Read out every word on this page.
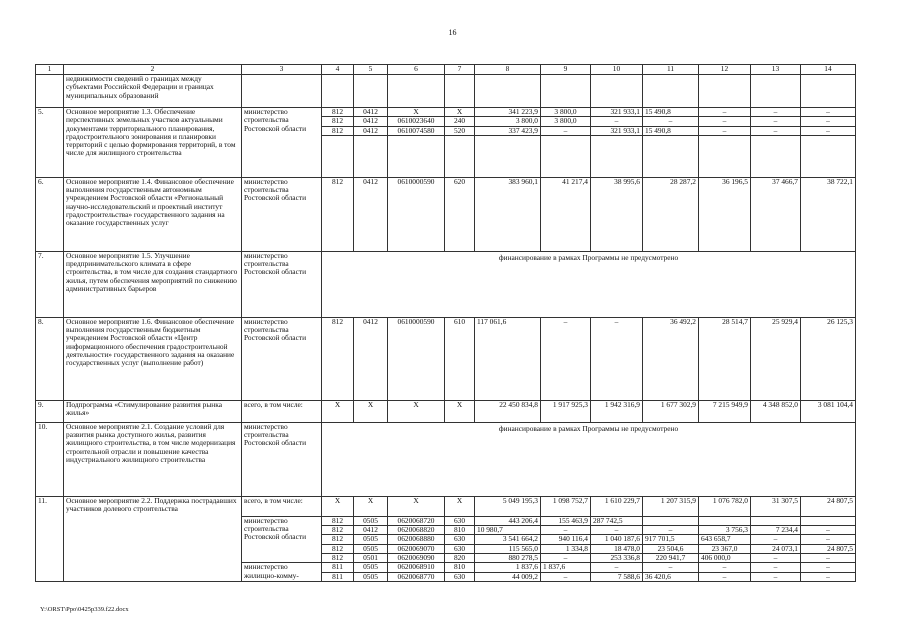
16
1	2	3	4	5	6	7	8	9	10	11	12	13	14
	недвижимости сведений о границах между субъектами Российской Федерации и границах муниципальных образований												
5.	Основное мероприятие 1.3. Обеспечение перспективных земельных участков актуальными документами территориального планирования, градостроительного зонирования и планировки территорий с целью формирования территорий, в том числе для жилищного строительства	министерство строительства Ростовской области	812	0412	X	X	341 223,9	3 800,0	321 933,1	15 490,8	–	–	–
			812	0412	0610023640	240	3 800,0	3 800,0	–	–	–	–	–
			812	0412	0610074580	520	337 423,9	–	321 933,1	15 490,8	–	–	–

6.	Основное мероприятие 1.4. Финансовое обеспечение выполнения государственным автономным учреждением Ростовской области «Региональный научно-исследовательский и проектный институт градостроительства» государственного задания на оказание государственных услуг	министерство строительства Ростовской области	812	0412	0610000590	620	383 960,1	41 217,4	38 995,6	28 287,2	36 196,5	37 466,7	38 722,1
7.	Основное мероприятие 1.5. Улучшение предпринимательского климата в сфере строительства, в том числе для создания стандартного жилья, путем обеспечения мероприятий по снижению административных барьеров	министерство строительства Ростовской области	финансирование в рамках Программы не предусмотрено										
8.	Основное мероприятие 1.6. Финансовое обеспечение выполнения государственным бюджетным учреждением Ростовской области «Центр информационного обеспечения градостроительной деятельности» государственного задания на оказание государственных услуг (выполнение работ)	министерство строительства Ростовской области	812	0412	0610000590	610	117 061,6	–	–	36 492,2	28 514,7	25 929,4	26 125,3
9.	Подпрограмма «Стимулирование развития рынка жилья»	всего, в том числе:	X	X	X	X	22 450 834,8	1 917 925,3	1 942 316,9	1 677 302,9	7 215 949,9	4 348 852,0	3 081 104,4
10.	Основное мероприятие 2.1. Создание условий для развития рынка доступного жилья, развития жилищного строительства, в том числе модернизация строительной отрасли и повышение качества индустриального жилищного строительства	министерство строительства Ростовской области	финансирование в рамках Программы не предусмотрено										
11.	Основное мероприятие 2.2. Поддержка пострадавших участников долевого строительства	всего, в том числе:	X	X	X	X	5 049 195,3	1 098 752,7	1 610 229,7	1 207 315,9	1 076 782,0	31 307,5	24 807,5
		министерство строительства Ростовской области	812	0505	0620068720	630	443 206,4	155 463,9	287 742,5				
			812	0412	0620068820	810	10 980,7	–	–	–	3 756,3	7 234,4	–
			812	0505	0620068880	630	3 541 664,2	940 116,4	1 040 187,6	917 701,5	643 658,7	–	–
			812	0505	0620069070	630	115 565,0	1 334,8	18 478,0	23 504,6	23 367,0	24 073,1	24 807,5
			812	0501	0620069090	820	880 278,5	–	253 336,8	220 941,7	406 000,0	–	–
		министерство жилищно-комму-	811	0505	0620068910	810	1 837,6	1 837,6	–	–	–	–	–
			811	0505	0620068770	630	44 009,2	–	7 588,6	36 420,6	–	–	–
Y:\ORST\Ppo\0425p339.f22.docx
